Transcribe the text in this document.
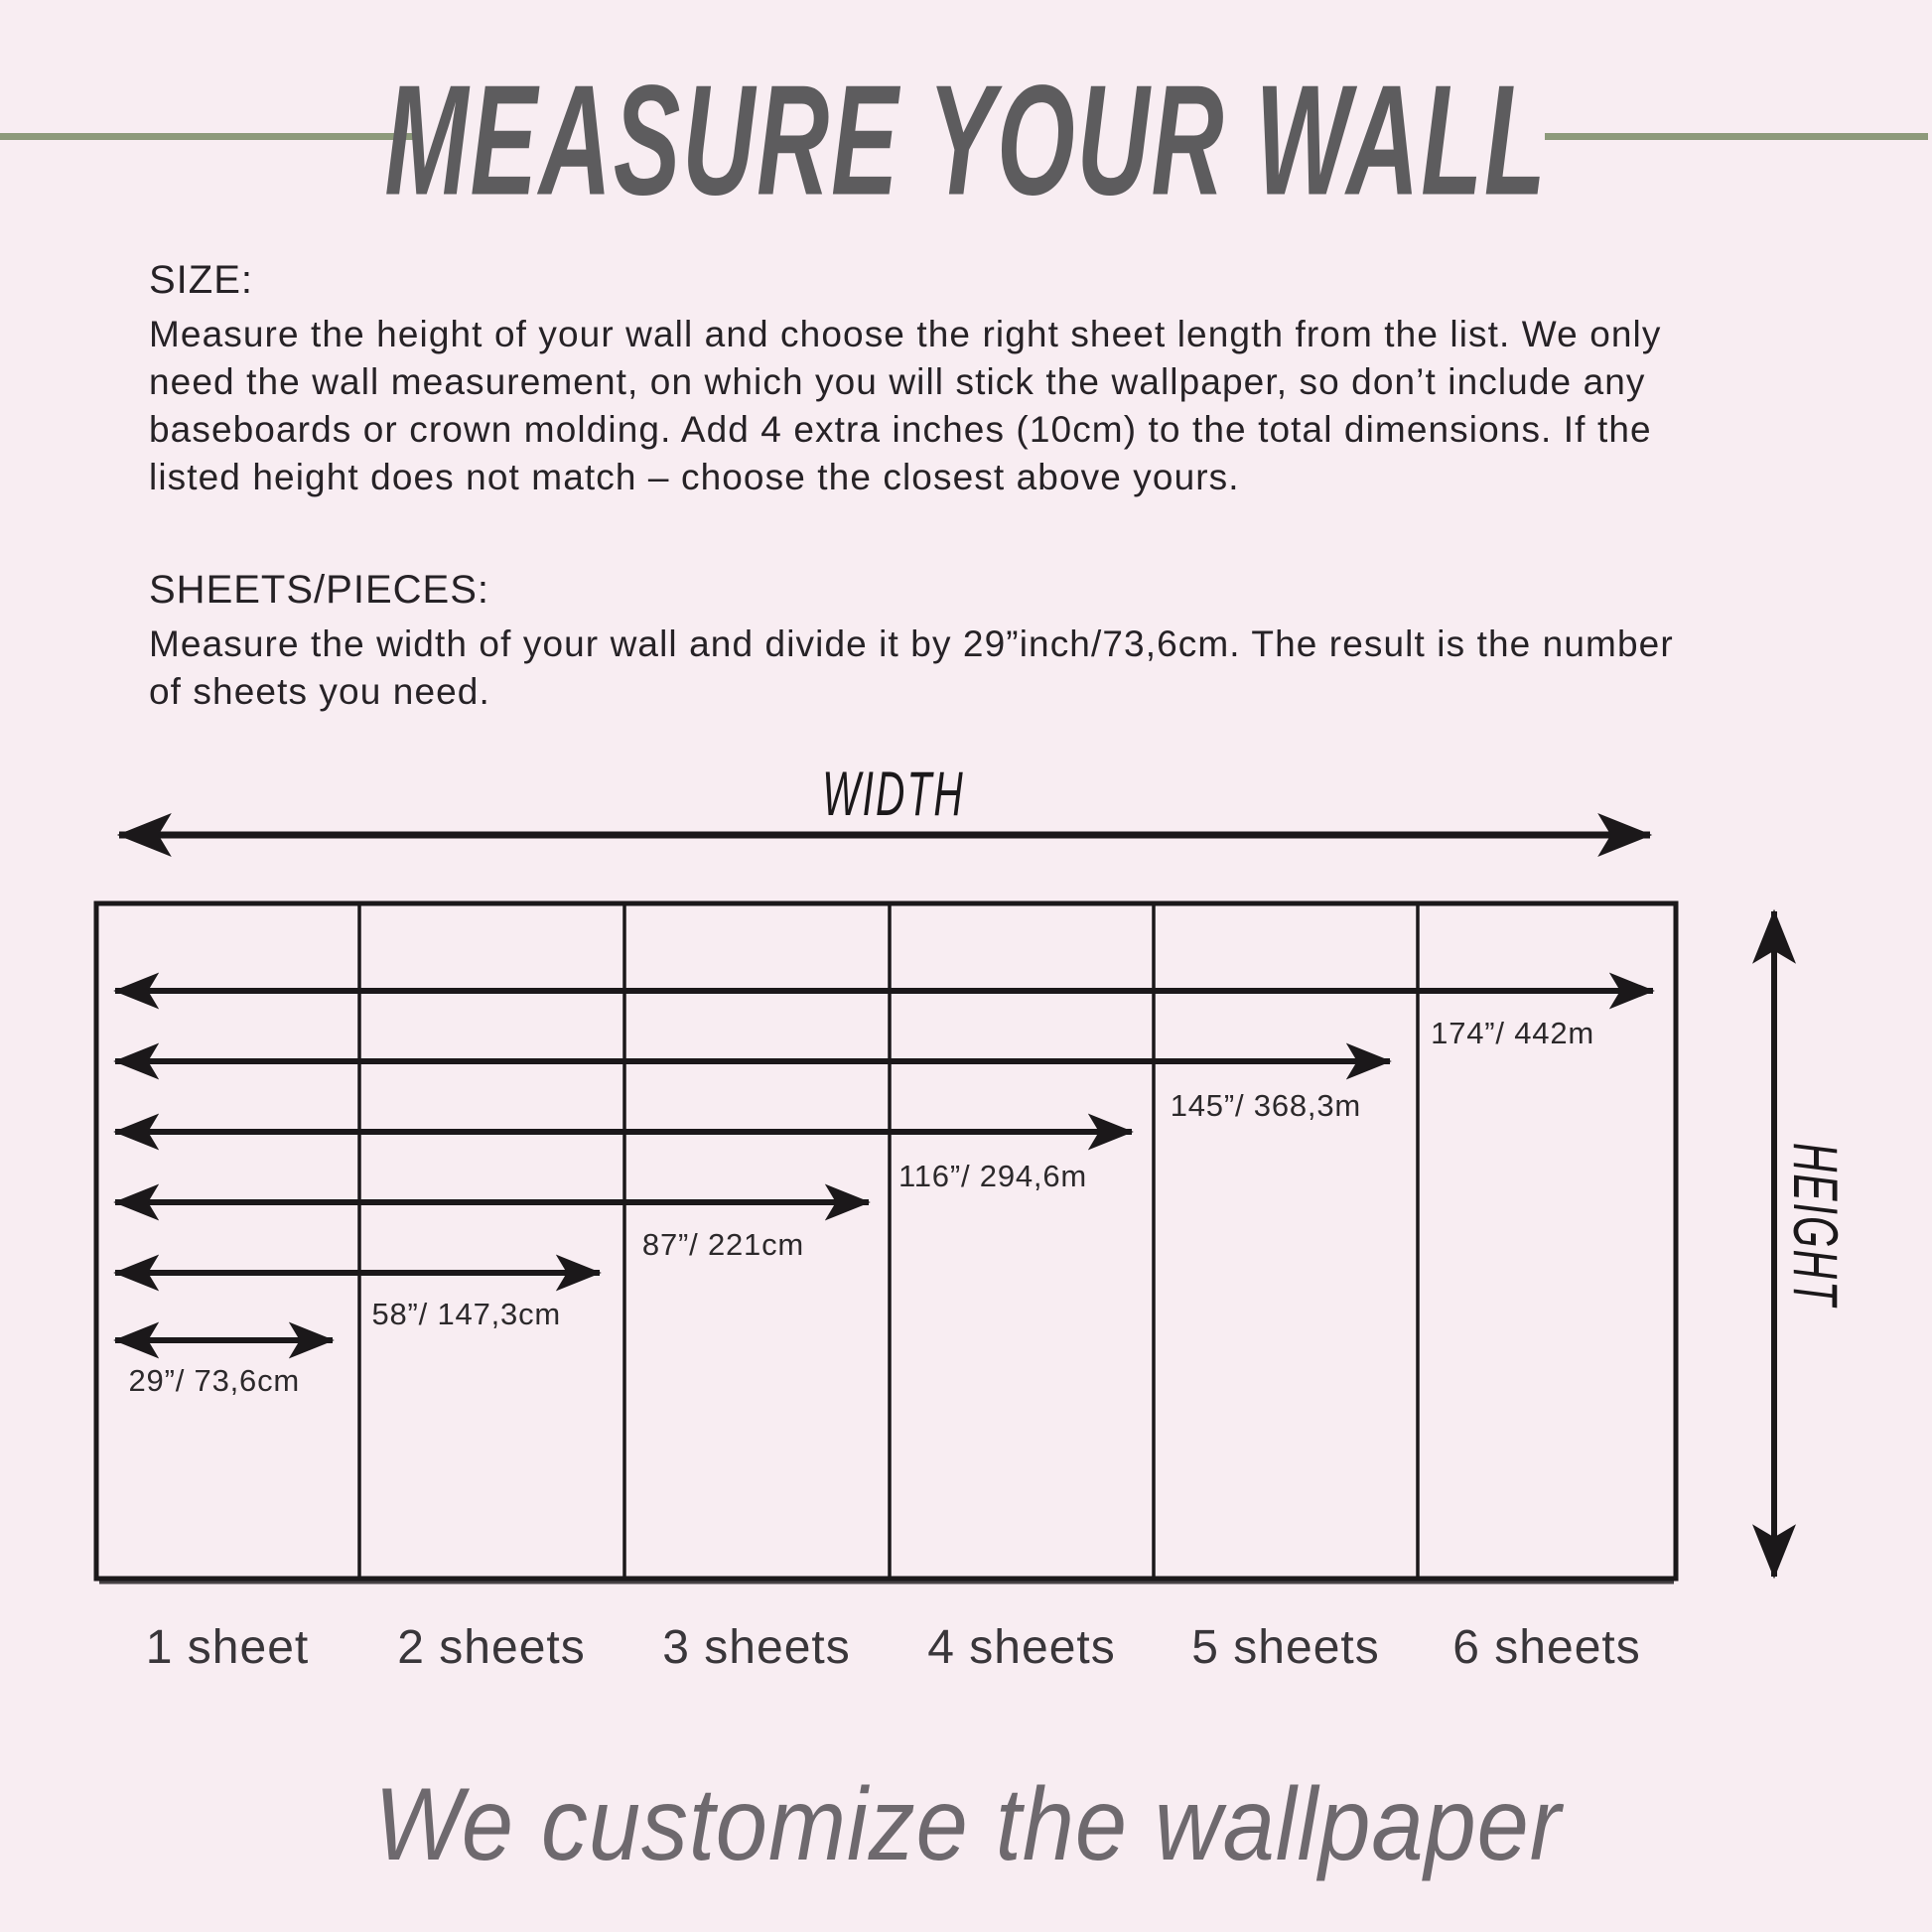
MEASURE YOUR WALL
SIZE:
Measure the height of your wall and choose the right sheet length from the list. We only
need the wall measurement, on which you will stick the wallpaper, so don’t include any
baseboards or crown molding. Add 4 extra inches (10cm) to the total dimensions. If the
listed height does not match – choose the closest above yours.
SHEETS/PIECES:
Measure the width of your wall and divide it by 29”inch/73,6cm. The result is the number
of sheets you need.
WIDTH
HEIGHT
29”/ 73,6cm
58”/ 147,3cm
87”/ 221cm
116”/ 294,6m
145”/ 368,3m
174”/ 442m
1 sheet 2 sheets 3 sheets 4 sheets 5 sheets 6 sheets
We customize the wallpaper
